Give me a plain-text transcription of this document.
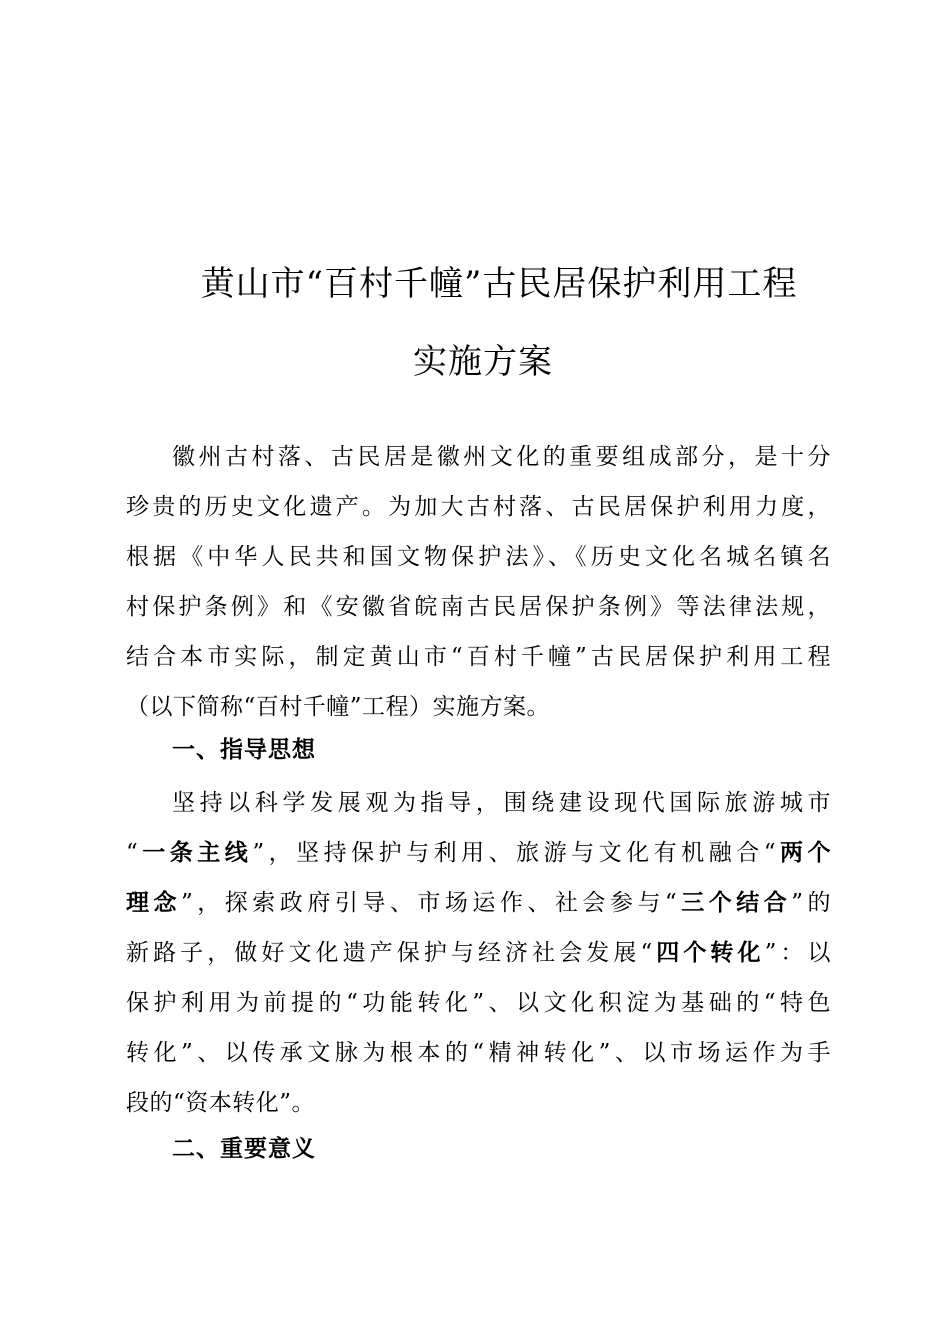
黄山市“百村千幢”古民居保护利用工程
实施方案
徽州古村落、古民居是徽州文化的重要组成部分，是十分
珍贵的历史文化遗产。为加大古村落、古民居保护利用力度，
根据《中华人民共和国文物保护法》、《历史文化名城名镇名
村保护条例》和《安徽省皖南古民居保护条例》等法律法规，
结合本市实际，制定黄山市“百村千幢”古民居保护利用工程
（以下简称“百村千幢”工程）实施方案。
一、指导思想
坚持以科学发展观为指导，围绕建设现代国际旅游城市
“一条主线”，坚持保护与利用、旅游与文化有机融合“两个
理念”，探索政府引导、市场运作、社会参与“三个结合”的
新路子，做好文化遗产保护与经济社会发展“四个转化”：以
保护利用为前提的“功能转化”、以文化积淀为基础的“特色
转化”、以传承文脉为根本的“精神转化”、以市场运作为手
段的“资本转化”。
二、重要意义
